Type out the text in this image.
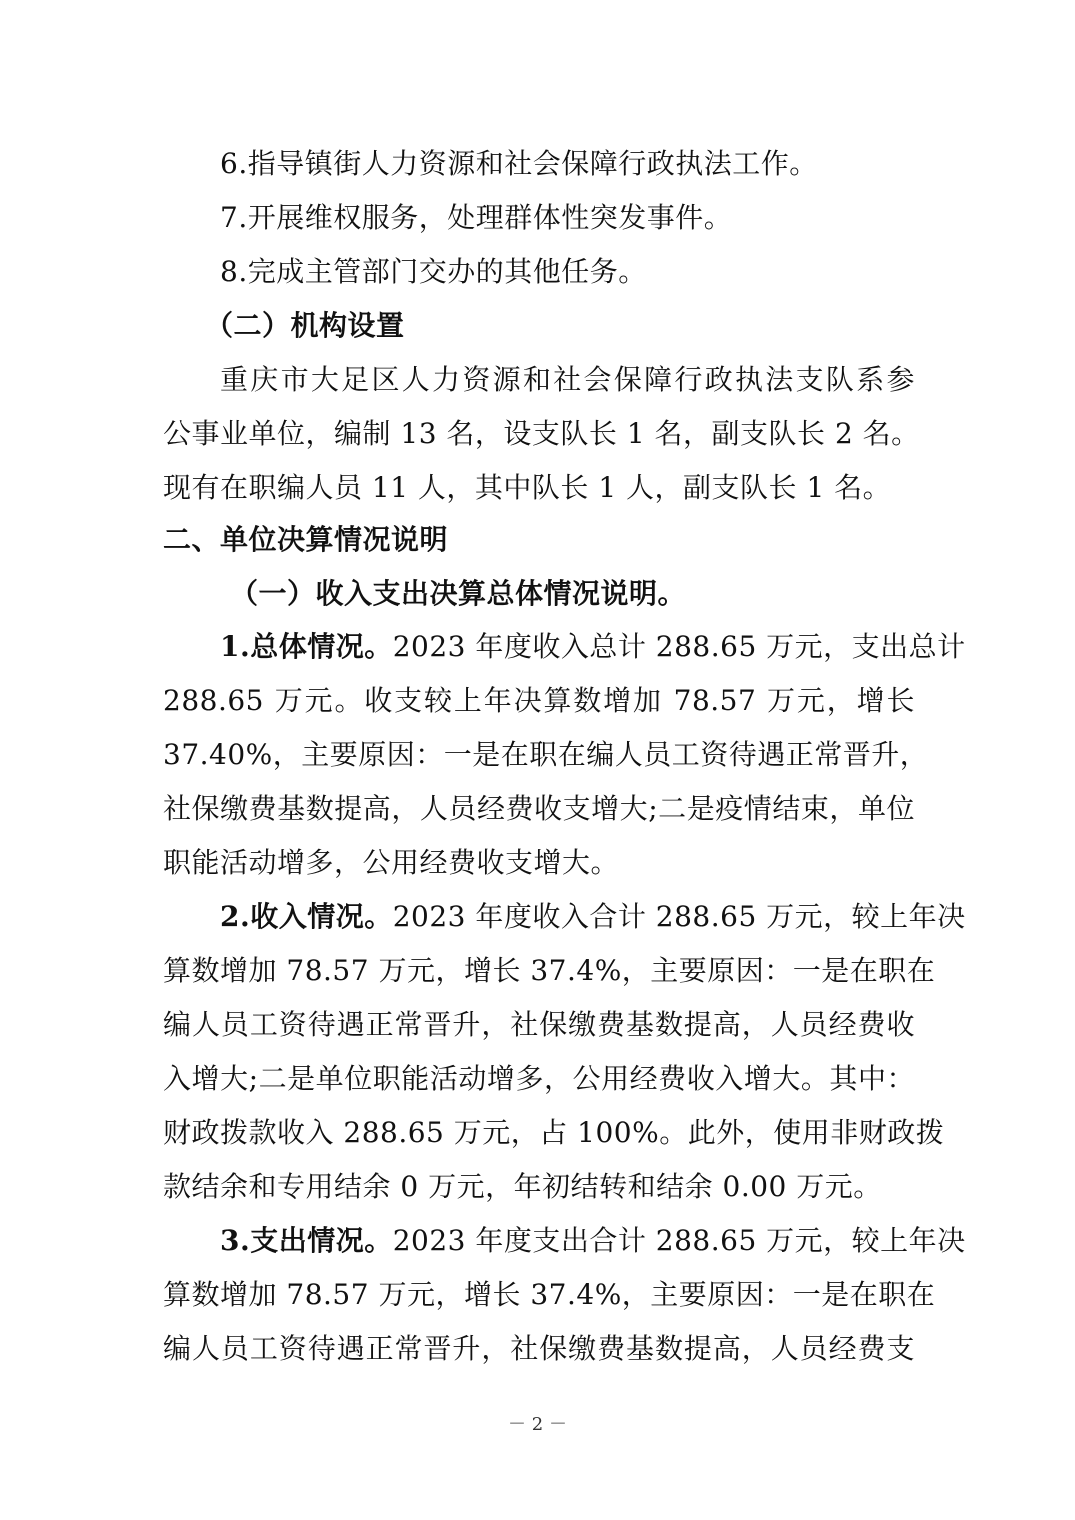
6.指导镇街人力资源和社会保障行政执法工作。
7.开展维权服务，处理群体性突发事件。
8.完成主管部门交办的其他任务。
（二）机构设置
重庆市大足区人力资源和社会保障行政执法支队系参
公事业单位，编制 13 名，设支队长 1 名，副支队长 2 名。
现有在职编人员 11 人，其中队长 1 人，副支队长 1 名。
二、单位决算情况说明
（一）收入支出决算总体情况说明。
1.总体情况。2023 年度收入总计 288.65 万元，支出总计
288.65 万元。收支较上年决算数增加 78.57 万元，增长
37.40%，主要原因：一是在职在编人员工资待遇正常晋升，
社保缴费基数提高，人员经费收支增大;二是疫情结束，单位
职能活动增多，公用经费收支增大。
2.收入情况。2023 年度收入合计 288.65 万元，较上年决
算数增加 78.57 万元，增长 37.4%，主要原因：一是在职在
编人员工资待遇正常晋升，社保缴费基数提高，人员经费收
入增大;二是单位职能活动增多，公用经费收入增大。其中：
财政拨款收入 288.65 万元，占 100%。此外，使用非财政拨
款结余和专用结余 0 万元，年初结转和结余 0.00 万元。
3.支出情况。2023 年度支出合计 288.65 万元，较上年决
算数增加 78.57 万元，增长 37.4%，主要原因：一是在职在
编人员工资待遇正常晋升，社保缴费基数提高，人员经费支
－ 2 －
